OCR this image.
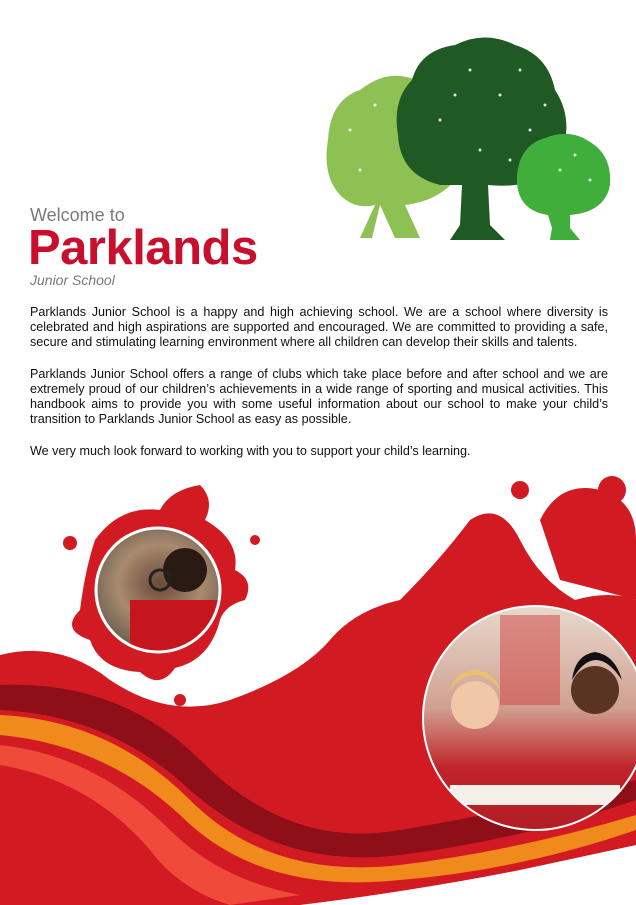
Welcome to
Parklands
Junior School

Parklands Junior School is a happy and high achieving school. We are a school where diversity is celebrated and high aspirations are supported and encouraged. We are committed to providing a safe, secure and stimulating learning environment where all children can develop their skills and talents.

Parklands Junior School offers a range of clubs which take place before and after school and we are extremely proud of our children’s achievements in a wide range of sporting and musical activities. This handbook aims to provide you with some useful information about our school to make your child’s transition to Parklands Junior School as easy as possible.

We very much look forward to working with you to support your child’s learning.
